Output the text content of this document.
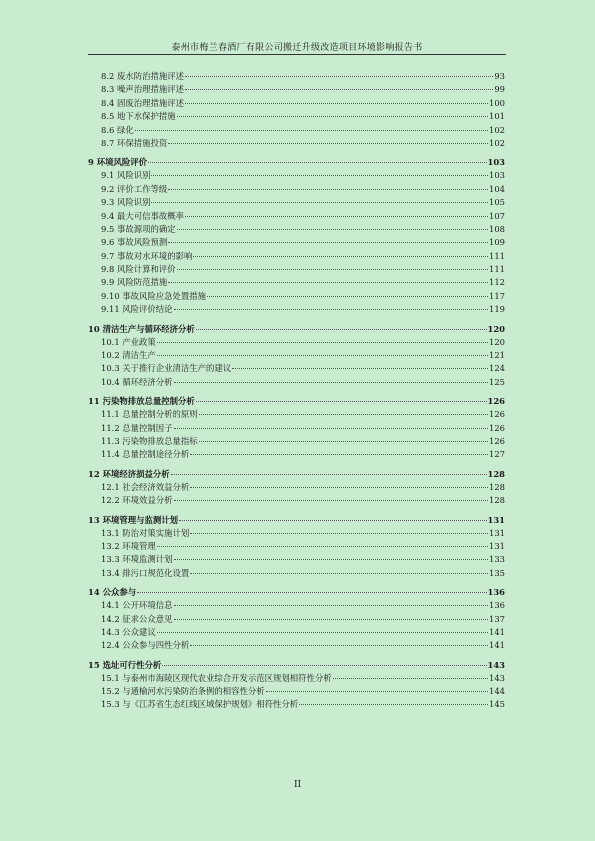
泰州市梅兰春酒厂有限公司搬迁升级改造项目环境影响报告书
8.2 废水防治措施评述	93
8.3 噪声治理措施评述	99
8.4 固废治理措施评述	100
8.5 地下水保护措施	101
8.6 绿化	102
8.7 环保措施投资	102
9 环境风险评价	103
9.1 风险识别	103
9.2 评价工作等级	104
9.3 风险识别	105
9.4 最大可信事故概率	107
9.5 事故源项的确定	108
9.6 事故风险预测	109
9.7 事故对水环境的影响	111
9.8 风险计算和评价	111
9.9 风险防范措施	112
9.10 事故风险应急处置措施	117
9.11 风险评价结论	119
10 清洁生产与循环经济分析	120
10.1 产业政策	120
10.2 清洁生产	121
10.3 关于推行企业清洁生产的建议	124
10.4 循环经济分析	125
11 污染物排放总量控制分析	126
11.1 总量控制分析的原则	126
11.2 总量控制因子	126
11.3 污染物排放总量指标	126
11.4 总量控制途径分析	127
12 环境经济损益分析	128
12.1 社会经济效益分析	128
12.2 环境效益分析	128
13 环境管理与监测计划	131
13.1 防治对策实施计划	131
13.2 环境管理	131
13.3 环境监测计划	133
13.4 排污口规范化设置	135
14 公众参与	136
14.1 公开环境信息	136
14.2 征求公众意见	137
14.3 公众建议	141
12.4 公众参与四性分析	141
15 选址可行性分析	143
15.1 与泰州市海陵区现代农业综合开发示范区规划相符性分析	143
15.2 与通榆河水污染防治条例的相容性分析	144
15.3 与《江苏省生态红线区域保护规划》相符性分析	145
II
